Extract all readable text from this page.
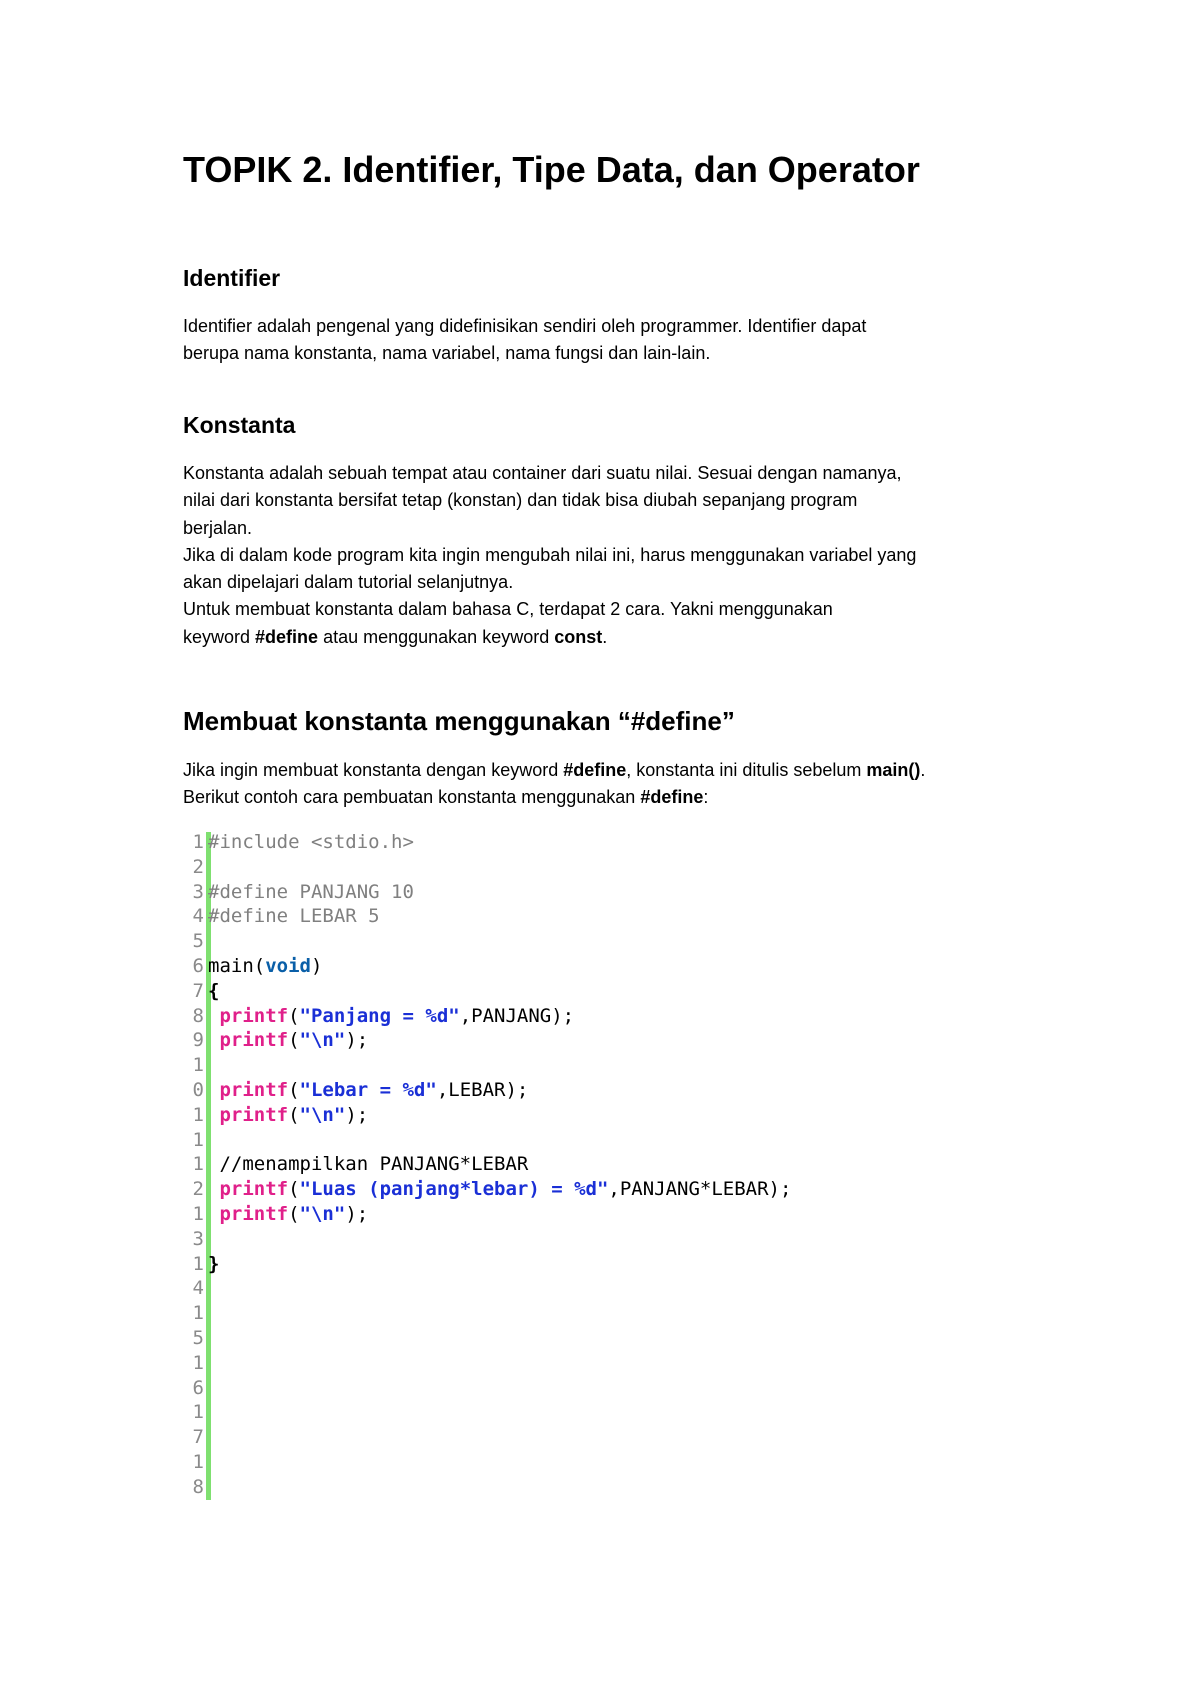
TOPIK 2. Identifier, Tipe Data, dan Operator
Identifier
Identifier adalah pengenal yang didefinisikan sendiri oleh programmer. Identifier dapat
berupa nama konstanta, nama variabel, nama fungsi dan lain-lain.
Konstanta
Konstanta adalah sebuah tempat atau container dari suatu nilai. Sesuai dengan namanya,
nilai dari konstanta bersifat tetap (konstan) dan tidak bisa diubah sepanjang program
berjalan.
Jika di dalam kode program kita ingin mengubah nilai ini, harus menggunakan variabel yang
akan dipelajari dalam tutorial selanjutnya.
Untuk membuat konstanta dalam bahasa C, terdapat 2 cara. Yakni menggunakan
keyword #define atau menggunakan keyword const.
Membuat konstanta menggunakan “#define”
Jika ingin membuat konstanta dengan keyword #define, konstanta ini ditulis sebelum main().
Berikut contoh cara pembuatan konstanta menggunakan #define:
1 #include <stdio.h>
2
3 #define PANJANG 10
4 #define LEBAR 5
5
6 main(void)
7 {
8 printf("Panjang = %d",PANJANG);
9 printf("\n");
1
0 printf("Lebar = %d",LEBAR);
1 printf("\n");
1
1 //menampilkan PANJANG*LEBAR
2 printf("Luas (panjang*lebar) = %d",PANJANG*LEBAR);
1 printf("\n");
3
1 }
4
1
5
1
6
1
7
1
8
